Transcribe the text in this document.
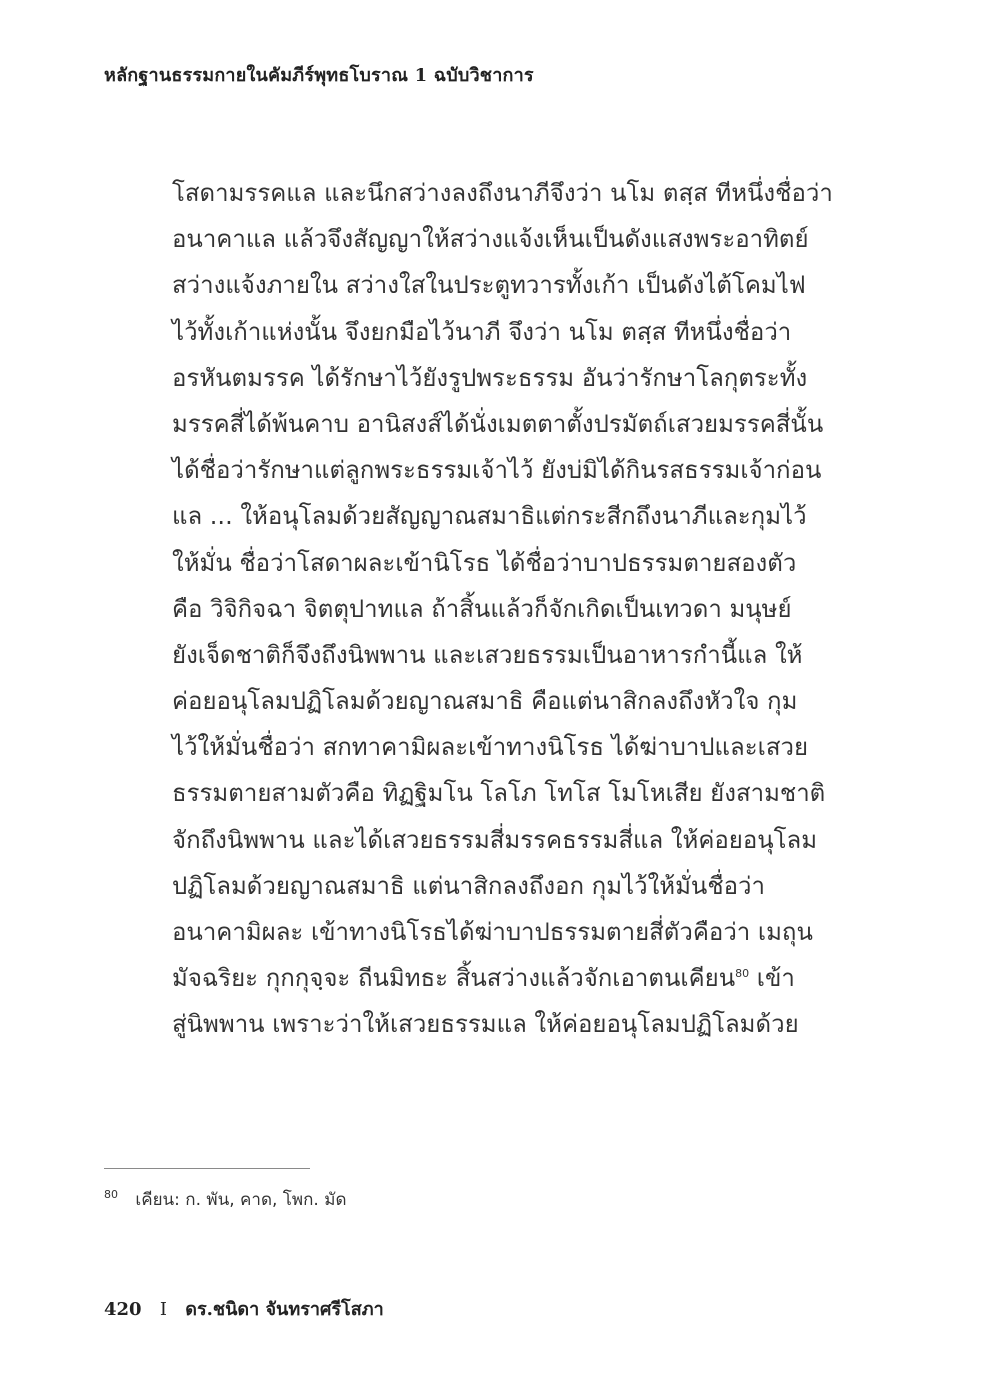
หลักฐานธรรมกายในคัมภีร์พุทธโบราณ 1 ฉบับวิชาการ
โสดามรรคแล และนึกสว่างลงถึงนาภีจึงว่า นโม ตสฺส ทีหนึ่งชื่อว่า
อนาคาแล แล้วจึงสัญญาให้สว่างแจ้งเห็นเป็นดังแสงพระอาทิตย์
สว่างแจ้งภายใน สว่างใสในประตูทวารทั้งเก้า เป็นดังไต้โคมไฟ
ไว้ทั้งเก้าแห่งนั้น จึงยกมือไว้นาภี จึงว่า นโม ตสฺส ทีหนึ่งชื่อว่า
อรหันตมรรค ได้รักษาไว้ยังรูปพระธรรม อันว่ารักษาโลกุตระทั้ง
มรรคสี่ได้พ้นคาบ อานิสงส์ได้นั่งเมตตาตั้งปรมัตถ์เสวยมรรคสี่นั้น
ได้ชื่อว่ารักษาแต่ลูกพระธรรมเจ้าไว้ ยังบ่มิได้กินรสธรรมเจ้าก่อน
แล ... ให้อนุโลมด้วยสัญญาณสมาธิแต่กระสีกถึงนาภีและกุมไว้
ให้มั่น ชื่อว่าโสดาผละเข้านิโรธ ได้ชื่อว่าบาปธรรมตายสองตัว
คือ วิจิกิจฉา จิตตุปาทแล ถ้าสิ้นแล้วก็จักเกิดเป็นเทวดา มนุษย์
ยังเจ็ดชาติก็จึงถึงนิพพาน และเสวยธรรมเป็นอาหารกำนี้แล ให้
ค่อยอนุโลมปฏิโลมด้วยญาณสมาธิ คือแต่นาสิกลงถึงหัวใจ กุม
ไว้ให้มั่นชื่อว่า สกทาคามิผละเข้าทางนิโรธ ได้ฆ่าบาปและเสวย
ธรรมตายสามตัวคือ ทิฏฐิมโน โลโภ โทโส โมโหเสีย ยังสามชาติ
จักถึงนิพพาน และได้เสวยธรรมสี่มรรคธรรมสี่แล ให้ค่อยอนุโลม
ปฏิโลมด้วยญาณสมาธิ แต่นาสิกลงถึงอก กุมไว้ให้มั่นชื่อว่า
อนาคามิผละ เข้าทางนิโรธได้ฆ่าบาปธรรมตายสี่ตัวคือว่า เมถุน
มัจฉริยะ กุกกุจฺจะ ถีนมิทธะ สิ้นสว่างแล้วจักเอาตนเคียน$^{80}$ เข้า
สู่นิพพาน เพราะว่าให้เสวยธรรมแล ให้ค่อยอนุโลมปฏิโลมด้วย
$^{80}$ เคียน: ก. พัน, คาด, โพก. มัด
420 I ดร.ชนิดา จันทราศรีโสภา
